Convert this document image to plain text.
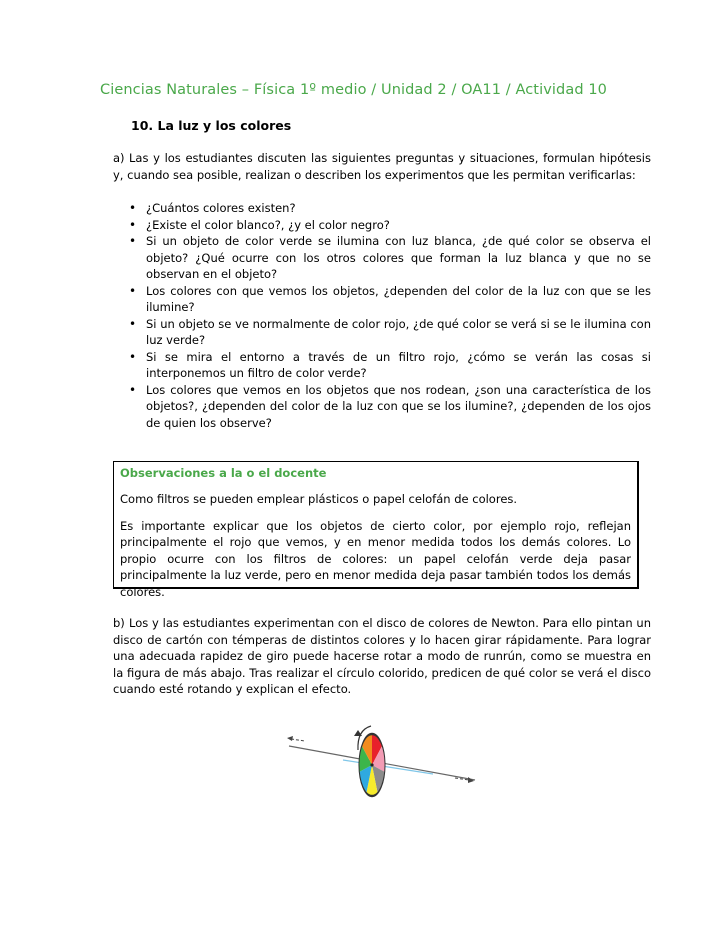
Ciencias Naturales – Física 1º medio / Unidad 2 / OA11 / Actividad 10
10. La luz y los colores
a) Las y los estudiantes discuten las siguientes preguntas y situaciones, formulan hipótesis y, cuando sea posible, realizan o describen los experimentos que les permitan verificarlas:
• ¿Cuántos colores existen?
• ¿Existe el color blanco?, ¿y el color negro?
• Si un objeto de color verde se ilumina con luz blanca, ¿de qué color se observa el objeto? ¿Qué ocurre con los otros colores que forman la luz blanca y que no se observan en el objeto?
• Los colores con que vemos los objetos, ¿dependen del color de la luz con que se les ilumine?
• Si un objeto se ve normalmente de color rojo, ¿de qué color se verá si se le ilumina con luz verde?
• Si se mira el entorno a través de un filtro rojo, ¿cómo se verán las cosas si interponemos un filtro de color verde?
• Los colores que vemos en los objetos que nos rodean, ¿son una característica de los objetos?, ¿dependen del color de la luz con que se los ilumine?, ¿dependen de los ojos de quien los observe?
Observaciones a la o el docente
Como filtros se pueden emplear plásticos o papel celofán de colores.
Es importante explicar que los objetos de cierto color, por ejemplo rojo, reflejan principalmente el rojo que vemos, y en menor medida todos los demás colores. Lo propio ocurre con los filtros de colores: un papel celofán verde deja pasar principalmente la luz verde, pero en menor medida deja pasar también todos los demás colores.
b) Los y las estudiantes experimentan con el disco de colores de Newton. Para ello pintan un disco de cartón con témperas de distintos colores y lo hacen girar rápidamente. Para lograr una adecuada rapidez de giro puede hacerse rotar a modo de runrún, como se muestra en la figura de más abajo. Tras realizar el círculo colorido, predicen de qué color se verá el disco cuando esté rotando y explican el efecto.
